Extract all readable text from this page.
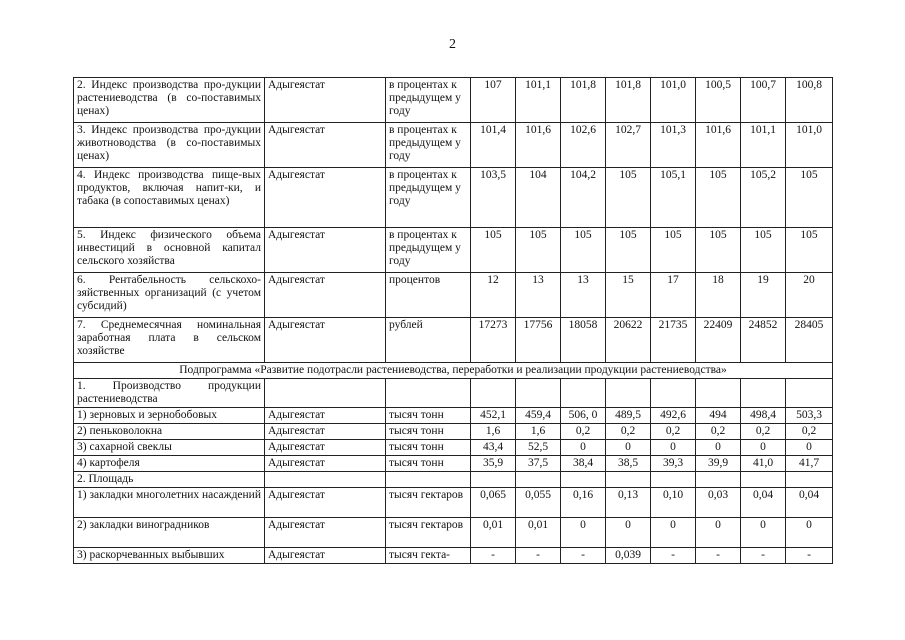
2
2. Индекс производства про-дукции растениеводства (в со-поставимых ценах)	Адыгеястат	в процентах к предыдущем у году	107	101,1	101,8	101,8	101,0	100,5	100,7	100,8
3. Индекс производства про-дукции животноводства (в со-поставимых ценах)	Адыгеястат	в процентах к предыдущем у году	101,4	101,6	102,6	102,7	101,3	101,6	101,1	101,0
4. Индекс производства пище-вых продуктов, включая напит-ки, и табака (в сопоставимых ценах)	Адыгеястат	в процентах к предыдущем у году	103,5	104	104,2	105	105,1	105	105,2	105
5. Индекс физического объема инвестиций в основной капитал сельского хозяйства	Адыгеястат	в процентах к предыдущем у году	105	105	105	105	105	105	105	105
6. Рентабельность сельскохо-зяйственных организаций (с учетом субсидий)	Адыгеястат	процентов	12	13	13	15	17	18	19	20
7. Среднемесячная номинальная заработная плата в сельском хозяйстве	Адыгеястат	рублей	17273	17756	18058	20622	21735	22409	24852	28405
Подпрограмма «Развитие подотрасли растениеводства, переработки и реализации продукции растениеводства»										
1. Производство продукции растениеводства										
1) зерновых и зернобобовых	Адыгеястат	тысяч тонн	452,1	459,4	506, 0	489,5	492,6	494	498,4	503,3
2) пеньковолокна	Адыгеястат	тысяч тонн	1,6	1,6	0,2	0,2	0,2	0,2	0,2	0,2
3) сахарной свеклы	Адыгеястат	тысяч тонн	43,4	52,5	0	0	0	0	0	0
4) картофеля	Адыгеястат	тысяч тонн	35,9	37,5	38,4	38,5	39,3	39,9	41,0	41,7
2. Площадь										
1) закладки многолетних насаждений	Адыгеястат	тысяч гектаров	0,065	0,055	0,16	0,13	0,10	0,03	0,04	0,04
2) закладки виноградников	Адыгеястат	тысяч гектаров	0,01	0,01	0	0	0	0	0	0
3) раскорчеванных выбывших	Адыгеястат	тысяч гекта-	-	-	-	0,039	-	-	-	-
